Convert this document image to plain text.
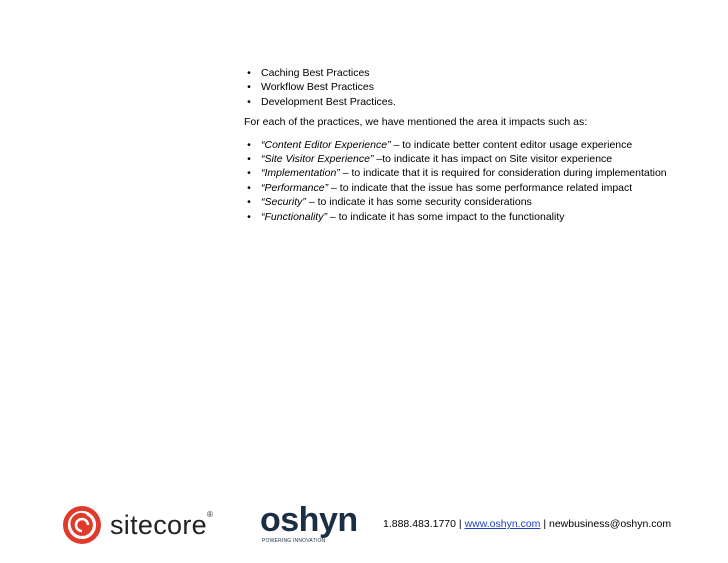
• Caching Best Practices
• Workflow Best Practices
• Development Best Practices.
For each of the practices, we have mentioned the area it impacts such as:
• “Content Editor Experience” – to indicate better content editor usage experience
• “Site Visitor Experience” –to indicate it has impact on Site visitor experience
• “Implementation” – to indicate that it is required for consideration during implementation
• “Performance” – to indicate that the issue has some performance related impact
• “Security” – to indicate it has some security considerations
• “Functionality” – to indicate it has some impact to the functionality
sitecore® oshyn
POWERING INNOVATION
1.888.483.1770 | www.oshyn.com | newbusiness@oshyn.com
